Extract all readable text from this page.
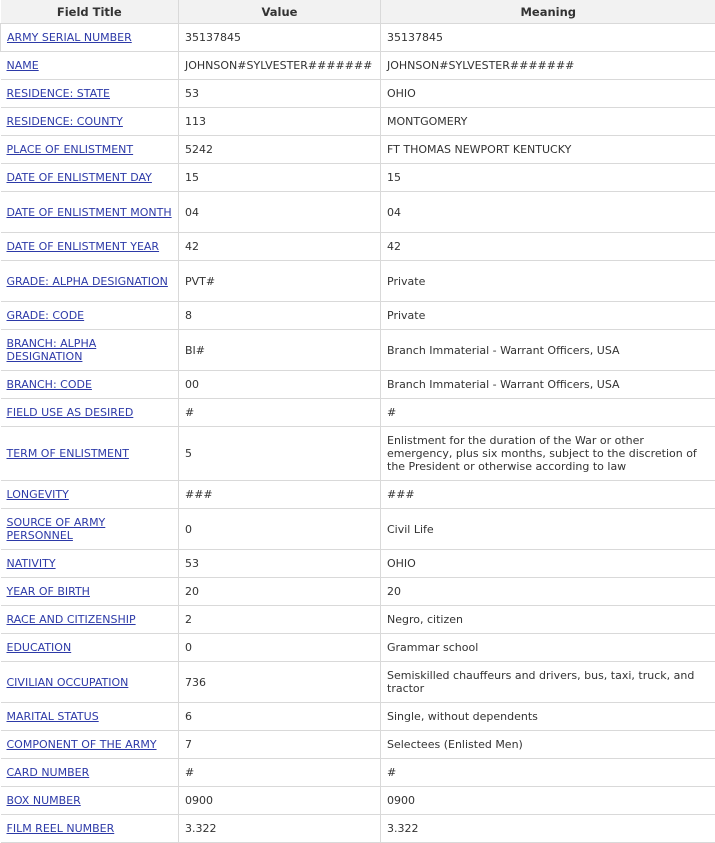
Field Title	Value	Meaning
ARMY SERIAL NUMBER	35137845	35137845
NAME	JOHNSON#SYLVESTER#######	JOHNSON#SYLVESTER#######
RESIDENCE: STATE	53	OHIO
RESIDENCE: COUNTY	113	MONTGOMERY
PLACE OF ENLISTMENT	5242	FT THOMAS NEWPORT KENTUCKY
DATE OF ENLISTMENT DAY	15	15
DATE OF ENLISTMENT MONTH	04	04
DATE OF ENLISTMENT YEAR	42	42
GRADE: ALPHA DESIGNATION	PVT#	Private
GRADE: CODE	8	Private
BRANCH: ALPHA DESIGNATION	BI#	Branch Immaterial - Warrant Officers, USA
BRANCH: CODE	00	Branch Immaterial - Warrant Officers, USA
FIELD USE AS DESIRED	#	#
TERM OF ENLISTMENT	5	Enlistment for the duration of the War or other emergency, plus six months, subject to the discretion of the President or otherwise according to law
LONGEVITY	###	###
SOURCE OF ARMY PERSONNEL	0	Civil Life
NATIVITY	53	OHIO
YEAR OF BIRTH	20	20
RACE AND CITIZENSHIP	2	Negro, citizen
EDUCATION	0	Grammar school
CIVILIAN OCCUPATION	736	Semiskilled chauffeurs and drivers, bus, taxi, truck, and tractor
MARITAL STATUS	6	Single, without dependents
COMPONENT OF THE ARMY	7	Selectees (Enlisted Men)
CARD NUMBER	#	#
BOX NUMBER	0900	0900
FILM REEL NUMBER	3.322	3.322
